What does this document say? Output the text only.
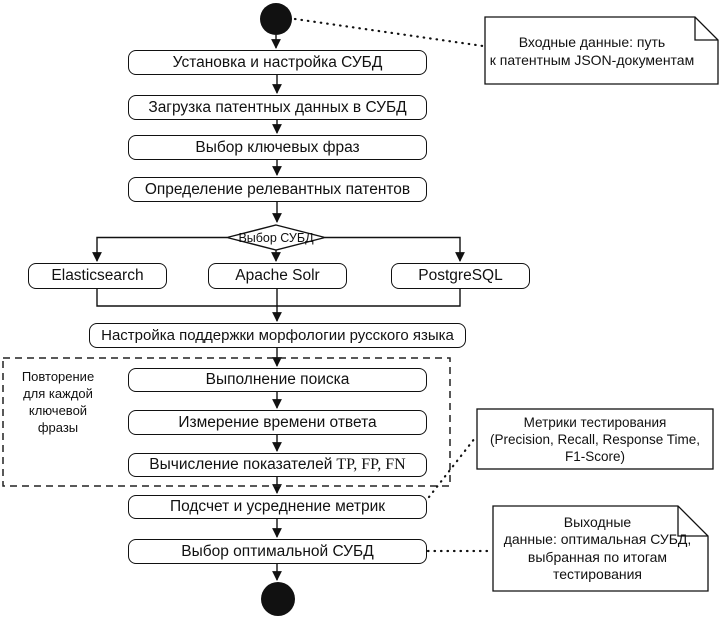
Установка и настройка СУБД
Загрузка патентных данных в СУБД
Выбор ключевых фраз
Определение релевантных патентов
Выбор СУБД
Elasticsearch	Apache Solr	PostgreSQL
Настройка поддержки морфологии русского языка
Повторение
для каждой
ключевой
фразы
Выполнение поиска
Измерение времени ответа
Вычисление показателей TP, FP, FN
Подсчет и усреднение метрик
Выбор оптимальной СУБД
Входные данные: путь
к патентным JSON-документам
Метрики тестирования
(Precision, Recall, Response Time,
F1-Score)
Выходные
данные: оптимальная СУБД,
выбранная по итогам
тестирования
